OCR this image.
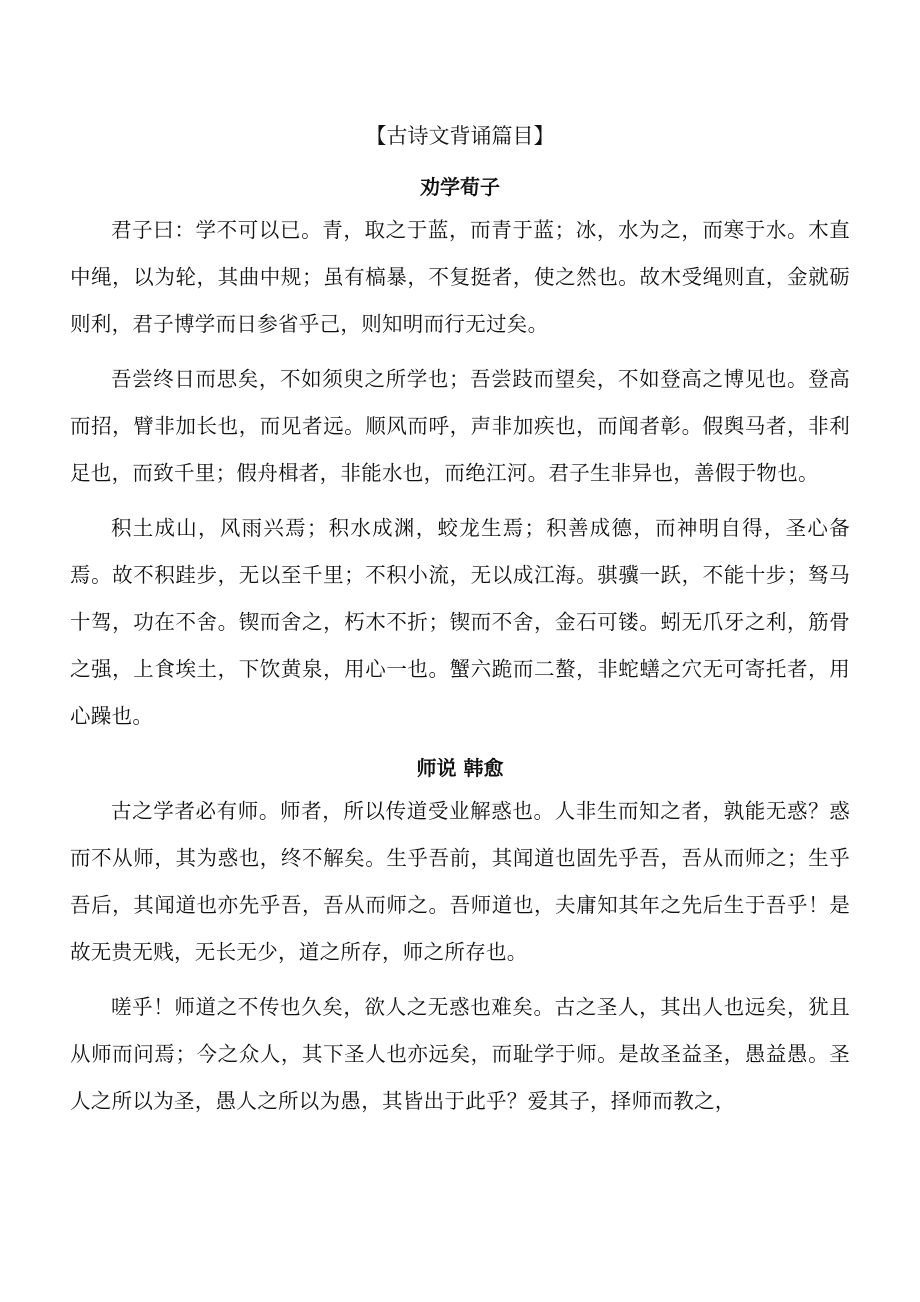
【古诗文背诵篇目】
劝学荀子

君子曰：学不可以已。青，取之于蓝，而青于蓝；冰，水为之，而寒于水。木直中绳，以为轮，其曲中规；虽有槁暴，不复挺者，使之然也。故木受绳则直，金就砺则利，君子博学而日参省乎己，则知明而行无过矣。

吾尝终日而思矣，不如须臾之所学也；吾尝跂而望矣，不如登高之博见也。登高而招，臂非加长也，而见者远。顺风而呼，声非加疾也，而闻者彰。假舆马者，非利足也，而致千里；假舟楫者，非能水也，而绝江河。君子生非异也，善假于物也。

积土成山，风雨兴焉；积水成渊，蛟龙生焉；积善成德，而神明自得，圣心备焉。故不积跬步，无以至千里；不积小流，无以成江海。骐骥一跃，不能十步；驽马十驾，功在不舍。锲而舍之，朽木不折；锲而不舍，金石可镂。蚓无爪牙之利，筋骨之强，上食埃土，下饮黄泉，用心一也。蟹六跪而二螯，非蛇蟮之穴无可寄托者，用心躁也。

师说 韩愈

古之学者必有师。师者，所以传道受业解惑也。人非生而知之者，孰能无惑？惑而不从师，其为惑也，终不解矣。生乎吾前，其闻道也固先乎吾，吾从而师之；生乎吾后，其闻道也亦先乎吾，吾从而师之。吾师道也，夫庸知其年之先后生于吾乎！是故无贵无贱，无长无少，道之所存，师之所存也。

嗟乎！师道之不传也久矣，欲人之无惑也难矣。古之圣人，其出人也远矣，犹且从师而问焉；今之众人，其下圣人也亦远矣，而耻学于师。是故圣益圣，愚益愚。圣人之所以为圣，愚人之所以为愚，其皆出于此乎？爱其子，择师而教之，
